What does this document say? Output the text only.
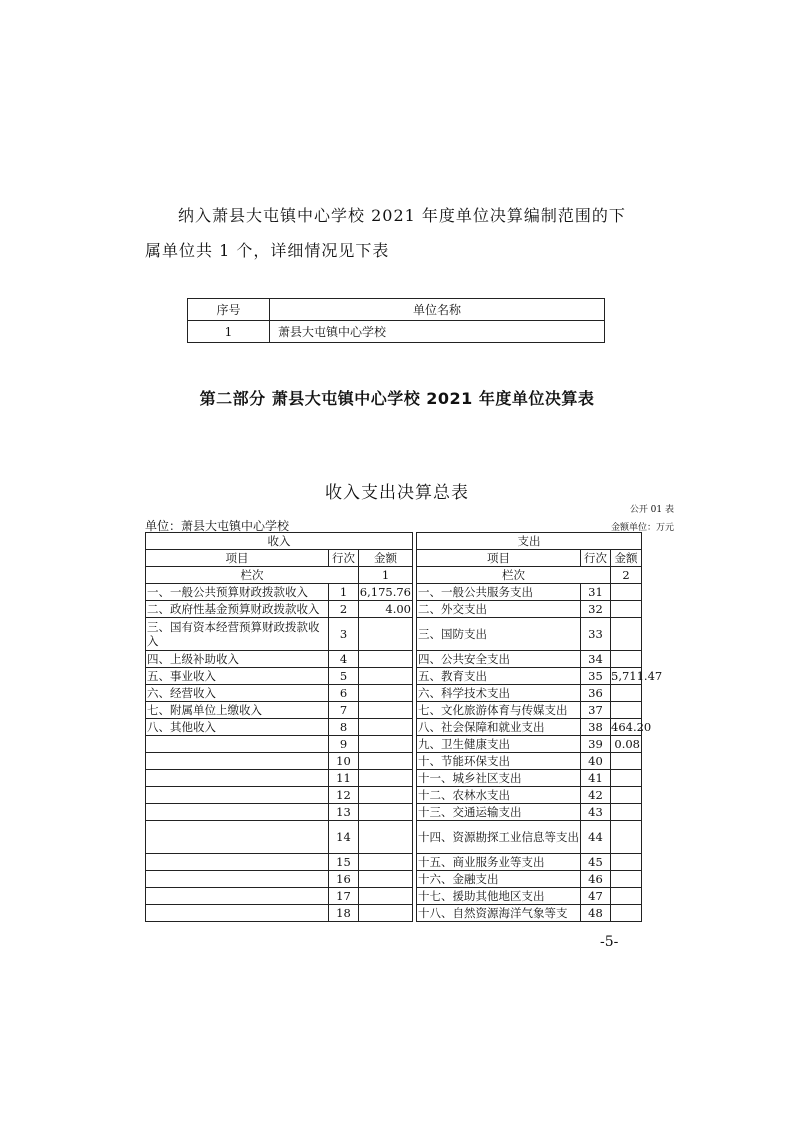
纳入萧县大屯镇中心学校 2021 年度单位决算编制范围的下
属单位共 1 个，详细情况见下表
序号	单位名称
1	萧县大屯镇中心学校
第二部分 萧县大屯镇中心学校 2021 年度单位决算表
收入支出决算总表
公开 01 表
金额单位：万元
单位：萧县大屯镇中心学校
收入				支出		
项目	行次	金额		项目	行次	金额
栏次		1		栏次		2
一、一般公共预算财政拨款收入	1	6,175.76		一、一般公共服务支出	31	
二、政府性基金预算财政拨款收入	2	4.00		二、外交支出	32	
三、国有资本经营预算财政拨款收入	3			三、国防支出	33	
四、上级补助收入	4			四、公共安全支出	34	
五、事业收入	5			五、教育支出	35	5,711.47
六、经营收入	6			六、科学技术支出	36	
七、附属单位上缴收入	7			七、文化旅游体育与传媒支出	37	
八、其他收入	8			八、社会保障和就业支出	38	464.20
	9			九、卫生健康支出	39	0.08
	10			十、节能环保支出	40	
	11			十一、城乡社区支出	41	
	12			十二、农林水支出	42	
	13			十三、交通运输支出	43	
	14			十四、资源勘探工业信息等支出	44	
	15			十五、商业服务业等支出	45	
	16			十六、金融支出	46	
	17			十七、援助其他地区支出	47	
	18			十八、自然资源海洋气象等支	48	
-5-
